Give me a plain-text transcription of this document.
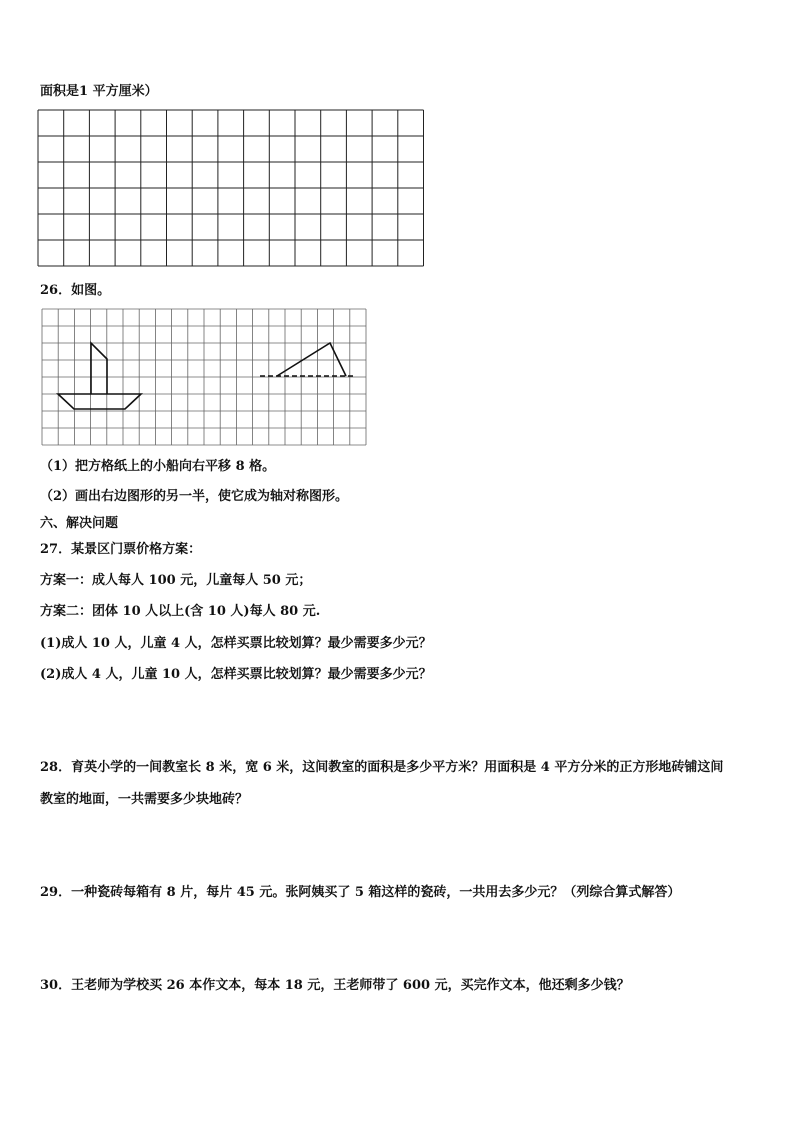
面积是1 平方厘米）
26．如图。
（1）把方格纸上的小船向右平移 8 格。
（2）画出右边图形的另一半，使它成为轴对称图形。
六、解决问题
27．某景区门票价格方案：
方案一：成人每人 100 元，儿童每人 50 元；
方案二：团体 10 人以上(含 10 人)每人 80 元.
(1)成人 10 人，儿童 4 人，怎样买票比较划算？最少需要多少元？
(2)成人 4 人，儿童 10 人，怎样买票比较划算？最少需要多少元？
28．育英小学的一间教室长 8 米，宽 6 米，这间教室的面积是多少平方米？用面积是 4 平方分米的正方形地砖铺这间
教室的地面，一共需要多少块地砖？
29．一种瓷砖每箱有 8 片，每片 45 元。张阿姨买了 5 箱这样的瓷砖，一共用去多少元？（列综合算式解答）
30．王老师为学校买 26 本作文本，每本 18 元，王老师带了 600 元，买完作文本，他还剩多少钱？
